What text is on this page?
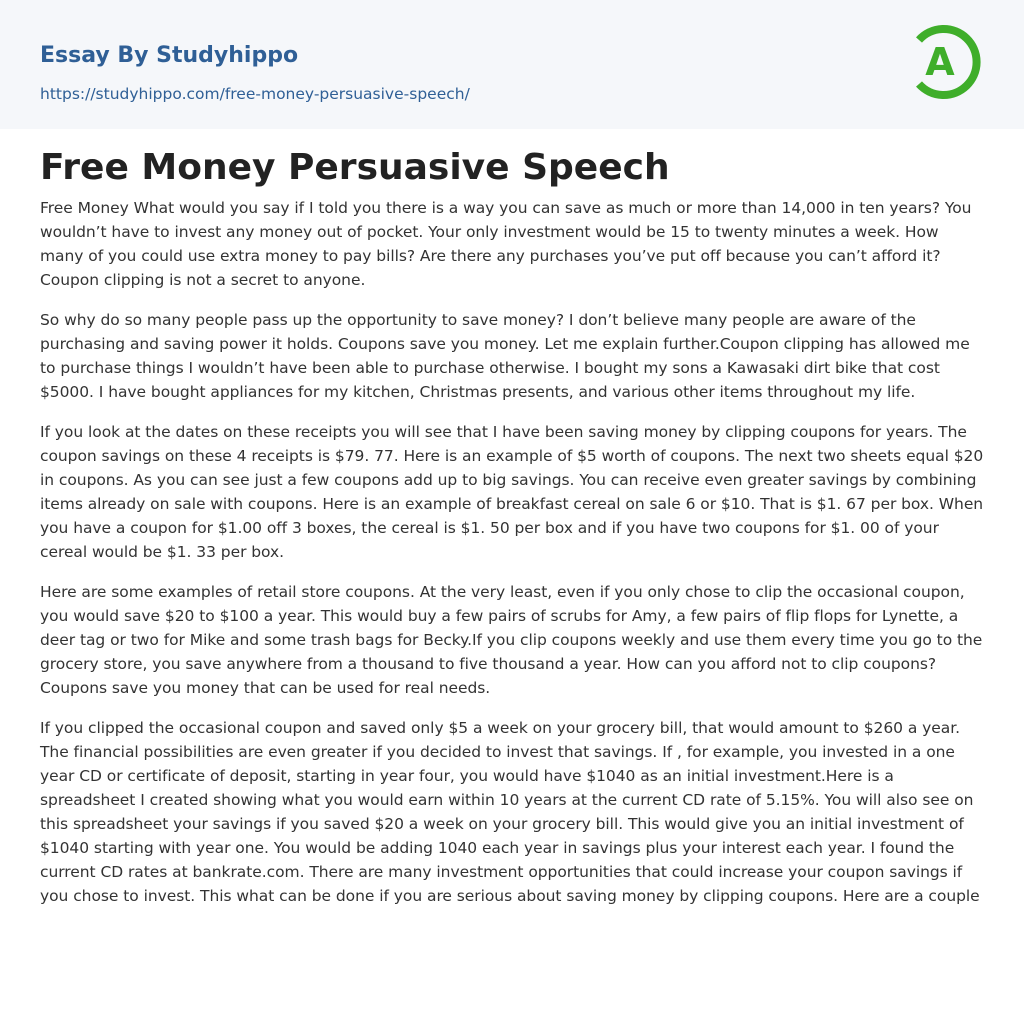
Essay By Studyhippo
https://studyhippo.com/free-money-persuasive-speech/
A
Free Money Persuasive Speech

Free Money What would you say if I told you there is a way you can save as much or more than 14,000 in ten years? You wouldn’t have to invest any money out of pocket. Your only investment would be 15 to twenty minutes a week. How many of you could use extra money to pay bills? Are there any purchases you’ve put off because you can’t afford it? Coupon clipping is not a secret to anyone.

So why do so many people pass up the opportunity to save money? I don’t believe many people are aware of the purchasing and saving power it holds. Coupons save you money. Let me explain further.Coupon clipping has allowed me to purchase things I wouldn’t have been able to purchase otherwise. I bought my sons a Kawasaki dirt bike that cost $5000. I have bought appliances for my kitchen, Christmas presents, and various other items throughout my life.

If you look at the dates on these receipts you will see that I have been saving money by clipping coupons for years. The coupon savings on these 4 receipts is $79. 77. Here is an example of $5 worth of coupons. The next two sheets equal $20 in coupons. As you can see just a few coupons add up to big savings. You can receive even greater savings by combining items already on sale with coupons. Here is an example of breakfast cereal on sale 6 or $10. That is $1. 67 per box. When you have a coupon for $1.00 off 3 boxes, the cereal is $1. 50 per box and if you have two coupons for $1. 00 of your cereal would be $1. 33 per box.

Here are some examples of retail store coupons. At the very least, even if you only chose to clip the occasional coupon, you would save $20 to $100 a year. This would buy a few pairs of scrubs for Amy, a few pairs of flip flops for Lynette, a deer tag or two for Mike and some trash bags for Becky.If you clip coupons weekly and use them every time you go to the grocery store, you save anywhere from a thousand to five thousand a year. How can you afford not to clip coupons? Coupons save you money that can be used for real needs.

If you clipped the occasional coupon and saved only $5 a week on your grocery bill, that would amount to $260 a year. The financial possibilities are even greater if you decided to invest that savings. If , for example, you invested in a one year CD or certificate of deposit, starting in year four, you would have $1040 as an initial investment.Here is a spreadsheet I created showing what you would earn within 10 years at the current CD rate of 5.15%. You will also see on this spreadsheet your savings if you saved $20 a week on your grocery bill. This would give you an initial investment of $1040 starting with year one. You would be adding 1040 each year in savings plus your interest each year. I found the current CD rates at bankrate.com. There are many investment opportunities that could increase your coupon savings if you chose to invest. This what can be done if you are serious about saving money by clipping coupons. Here are a couple
